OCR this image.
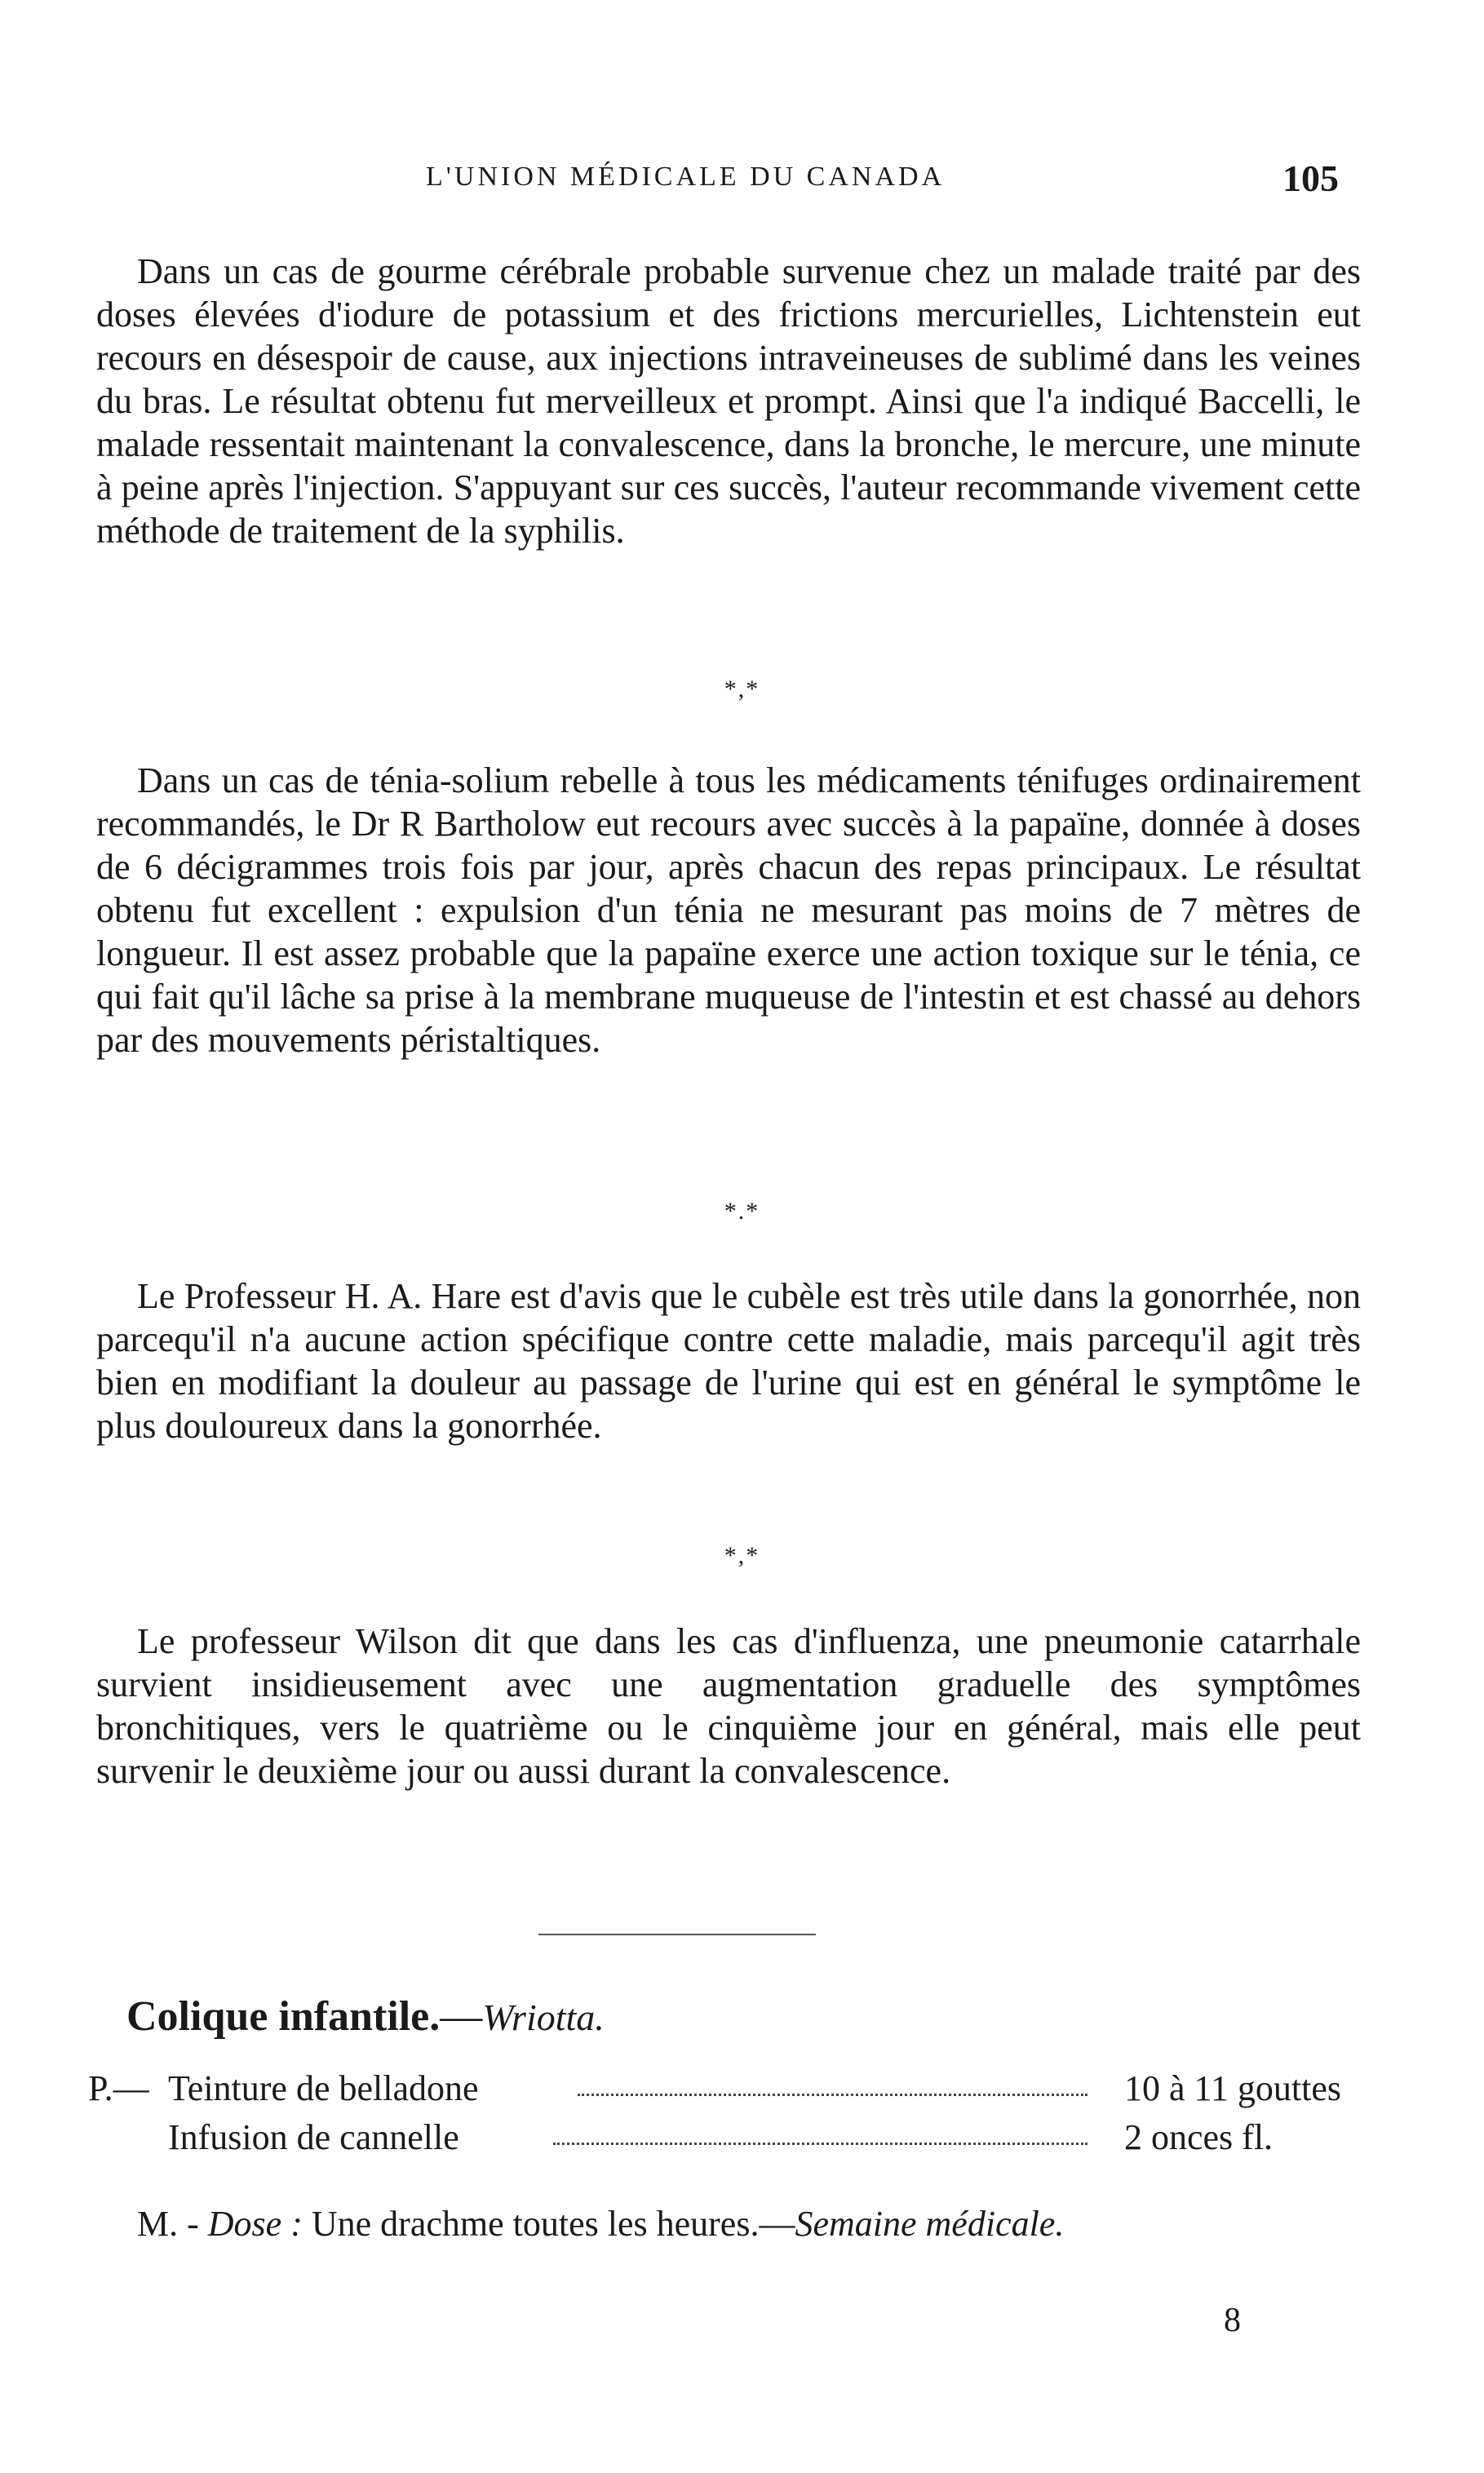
L'UNION MÉDICALE DU CANADA	105

Dans un cas de gourme cérébrale probable survenue chez un malade traité par des doses élevées d'iodure de potassium et des frictions mercurielles, Lichtenstein eut recours en désespoir de cause, aux injections intraveineuses de sublimé dans les veines du bras. Le résultat obtenu fut merveilleux et prompt. Ainsi que l'a indiqué Baccelli, le malade ressentait maintenant la convalescence, dans la bronche, le mercure, une minute à peine après l'injection. S'appuyant sur ces succès, l'auteur recommande vivement cette méthode de traitement de la syphilis.

*,*

Dans un cas de ténia-solium rebelle à tous les médicaments ténifuges ordinairement recommandés, le Dr R Bartholow eut recours avec succès à la papaïne, donnée à doses de 6 décigrammes trois fois par jour, après chacun des repas principaux. Le résultat obtenu fut excellent : expulsion d'un ténia ne mesurant pas moins de 7 mètres de longueur. Il est assez probable que la papaïne exerce une action toxique sur le ténia, ce qui fait qu'il lâche sa prise à la membrane muqueuse de l'intestin et est chassé au dehors par des mouvements péristaltiques.

*.*

Le Professeur H. A. Hare est d'avis que le cubèle est très utile dans la gonorrhée, non parcequ'il n'a aucune action spécifique contre cette maladie, mais parcequ'il agit très bien en modifiant la douleur au passage de l'urine qui est en général le symptôme le plus douloureux dans la gonorrhée.

*,*

Le professeur Wilson dit que dans les cas d'influenza, une pneumonie catarrhale survient insidieusement avec une augmentation graduelle des symptômes bronchitiques, vers le quatrième ou le cinquième jour en général, mais elle peut survenir le deuxième jour ou aussi durant la convalescence.

Colique infantile.—Wriotta.
P.— Teinture de belladone	10 à 11 gouttes
Infusion de cannelle	2 onces fl.
M. - Dose : Une drachme toutes les heures.—Semaine médicale.
8
